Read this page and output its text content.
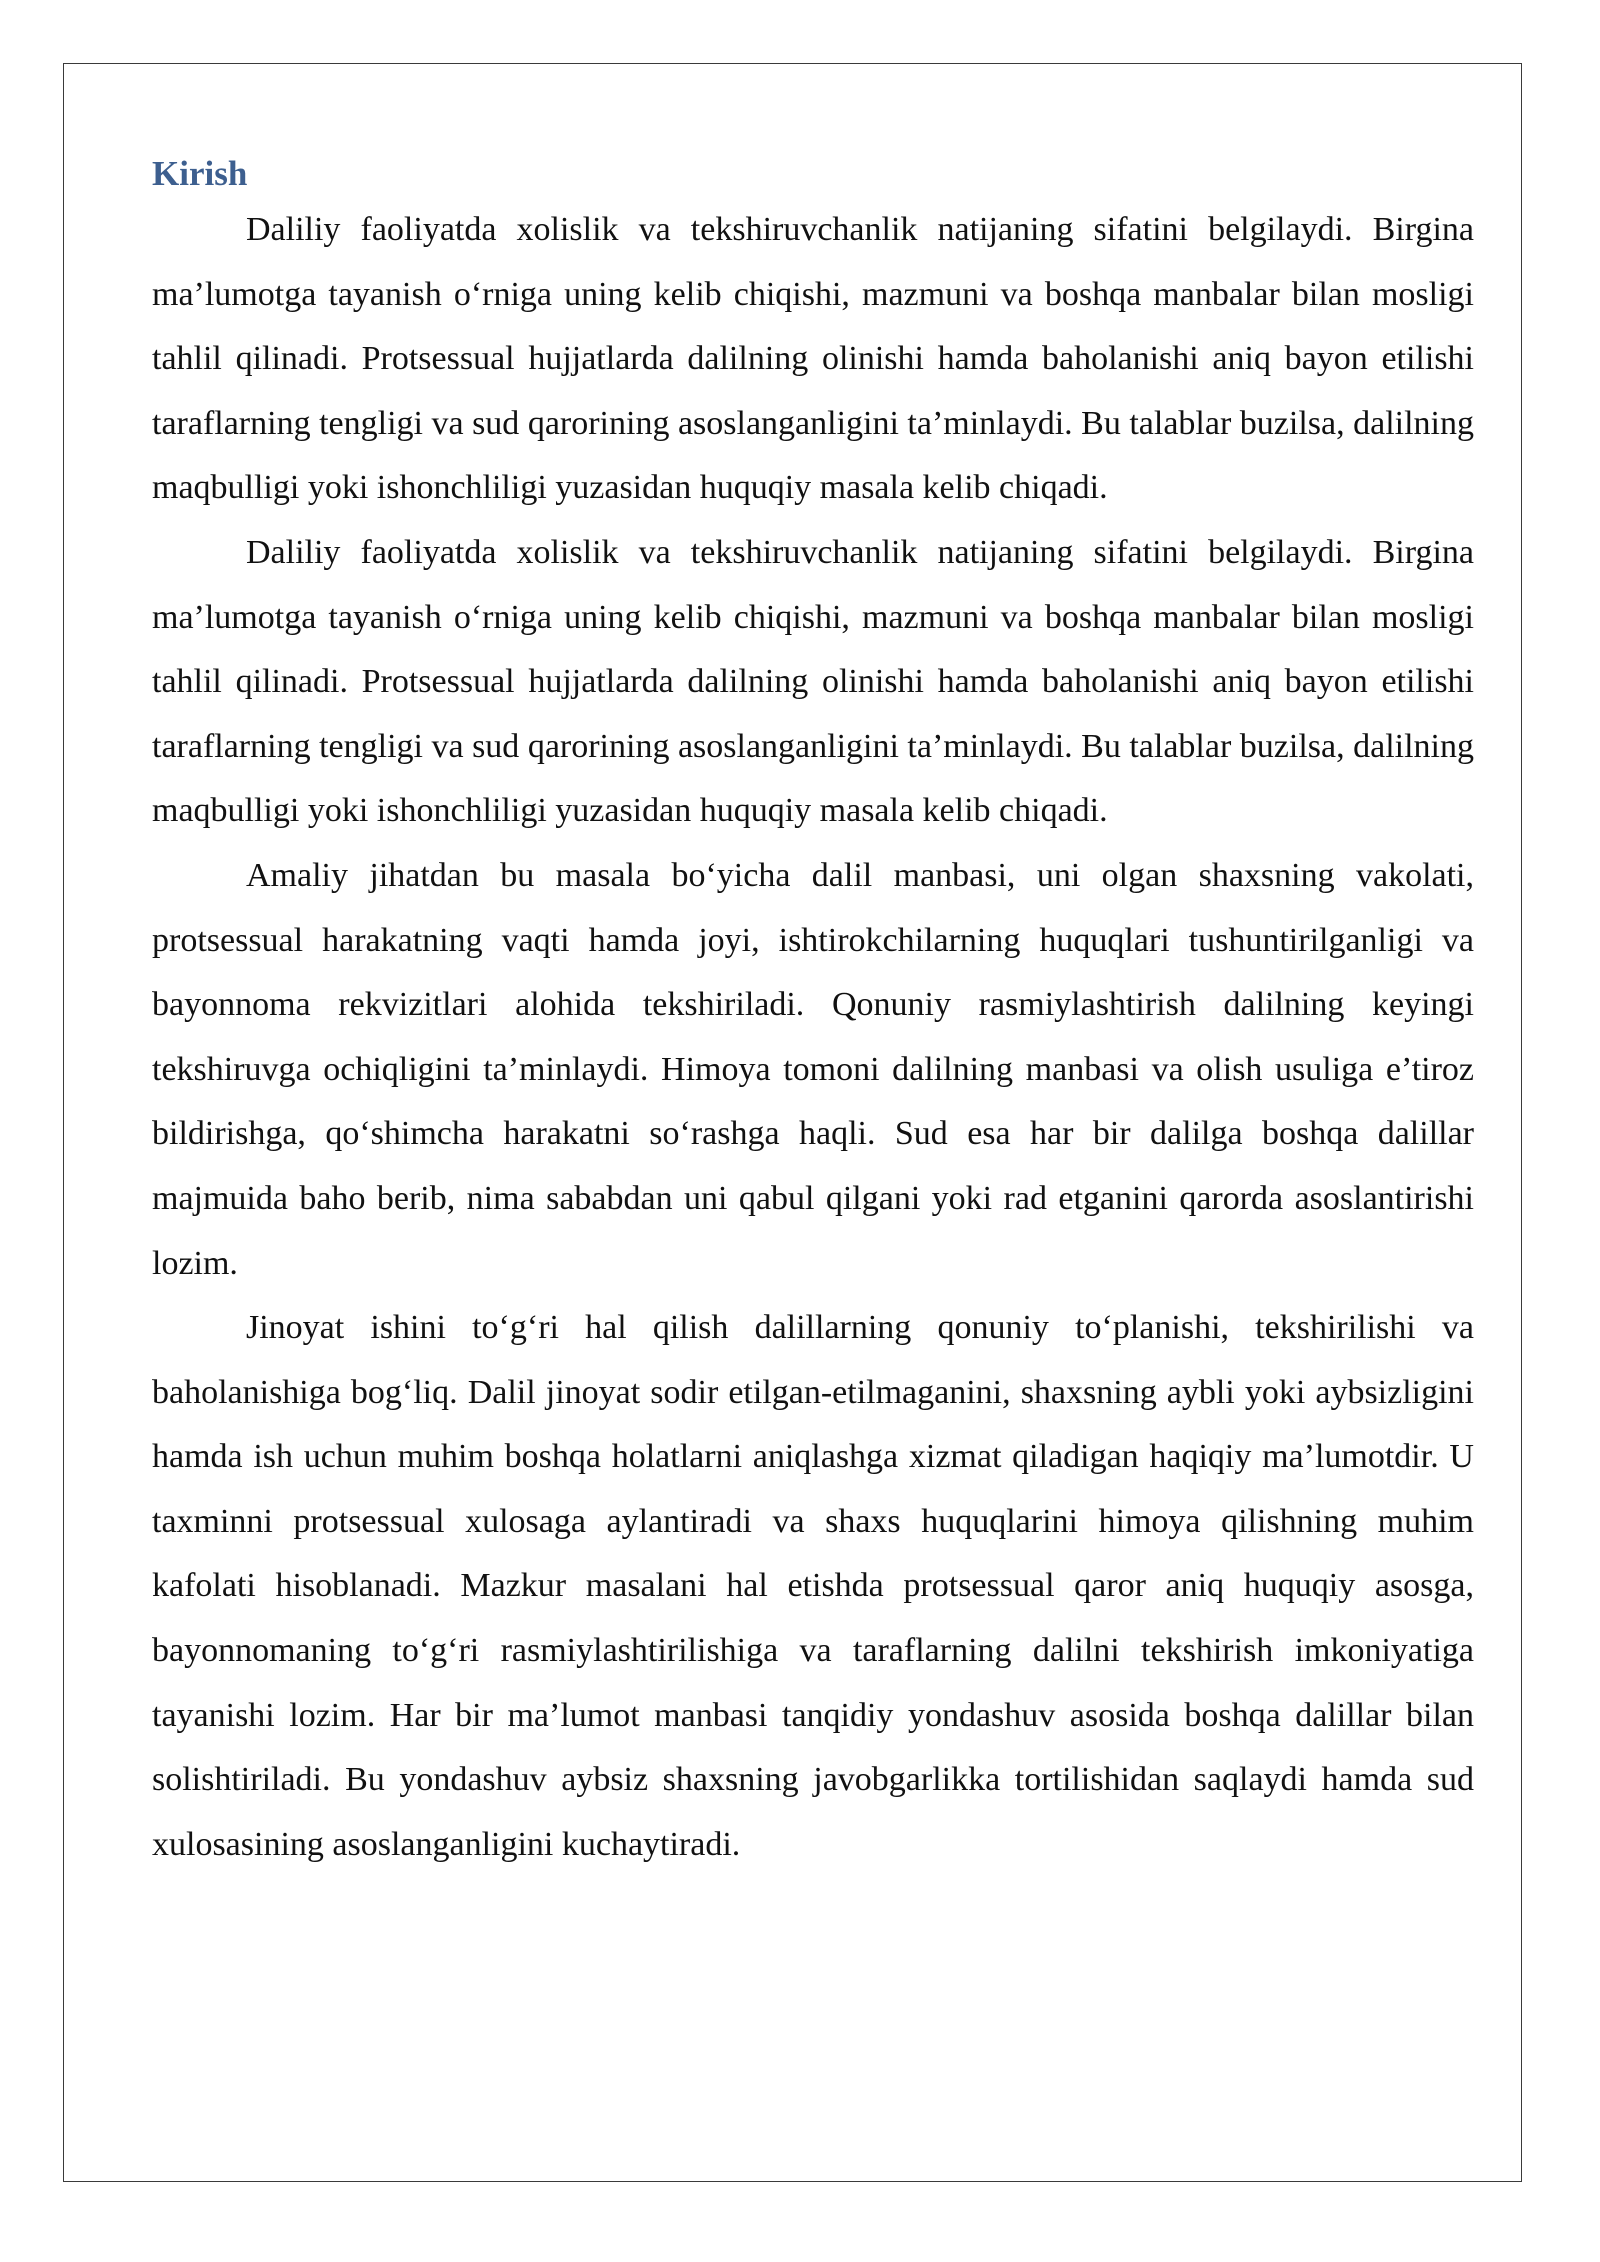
Kirish

Daliliy faoliyatda xolislik va tekshiruvchanlik natijaning sifatini belgilaydi. Birgina ma’lumotga tayanish o‘rniga uning kelib chiqishi, mazmuni va boshqa manbalar bilan mosligi tahlil qilinadi. Protsessual hujjatlarda dalilning olinishi hamda baholanishi aniq bayon etilishi taraflarning tengligi va sud qarorining asoslanganligini ta’minlaydi. Bu talablar buzilsa, dalilning maqbulligi yoki ishonchliligi yuzasidan huquqiy masala kelib chiqadi.

Daliliy faoliyatda xolislik va tekshiruvchanlik natijaning sifatini belgilaydi. Birgina ma’lumotga tayanish o‘rniga uning kelib chiqishi, mazmuni va boshqa manbalar bilan mosligi tahlil qilinadi. Protsessual hujjatlarda dalilning olinishi hamda baholanishi aniq bayon etilishi taraflarning tengligi va sud qarorining asoslanganligini ta’minlaydi. Bu talablar buzilsa, dalilning maqbulligi yoki ishonchliligi yuzasidan huquqiy masala kelib chiqadi.

Amaliy jihatdan bu masala bo‘yicha dalil manbasi, uni olgan shaxsning vakolati, protsessual harakatning vaqti hamda joyi, ishtirokchilarning huquqlari tushuntirilganligi va bayonnoma rekvizitlari alohida tekshiriladi. Qonuniy rasmiylashtirish dalilning keyingi tekshiruvga ochiqligini ta’minlaydi. Himoya tomoni dalilning manbasi va olish usuliga e’tiroz bildirishga, qo‘shimcha harakatni so‘rashga haqli. Sud esa har bir dalilga boshqa dalillar majmuida baho berib, nima sababdan uni qabul qilgani yoki rad etganini qarorda asoslantirishi lozim.

Jinoyat ishini to‘g‘ri hal qilish dalillarning qonuniy to‘planishi, tekshirilishi va baholanishiga bog‘liq. Dalil jinoyat sodir etilgan-etilmaganini, shaxsning aybli yoki aybsizligini hamda ish uchun muhim boshqa holatlarni aniqlashga xizmat qiladigan haqiqiy ma’lumotdir. U taxminni protsessual xulosaga aylantiradi va shaxs huquqlarini himoya qilishning muhim kafolati hisoblanadi. Mazkur masalani hal etishda protsessual qaror aniq huquqiy asosga, bayonnomaning to‘g‘ri rasmiylashtirilishiga va taraflarning dalilni tekshirish imkoniyatiga tayanishi lozim. Har bir ma’lumot manbasi tanqidiy yondashuv asosida boshqa dalillar bilan solishtiriladi. Bu yondashuv aybsiz shaxsning javobgarlikka tortilishidan saqlaydi hamda sud xulosasining asoslanganligini kuchaytiradi.
